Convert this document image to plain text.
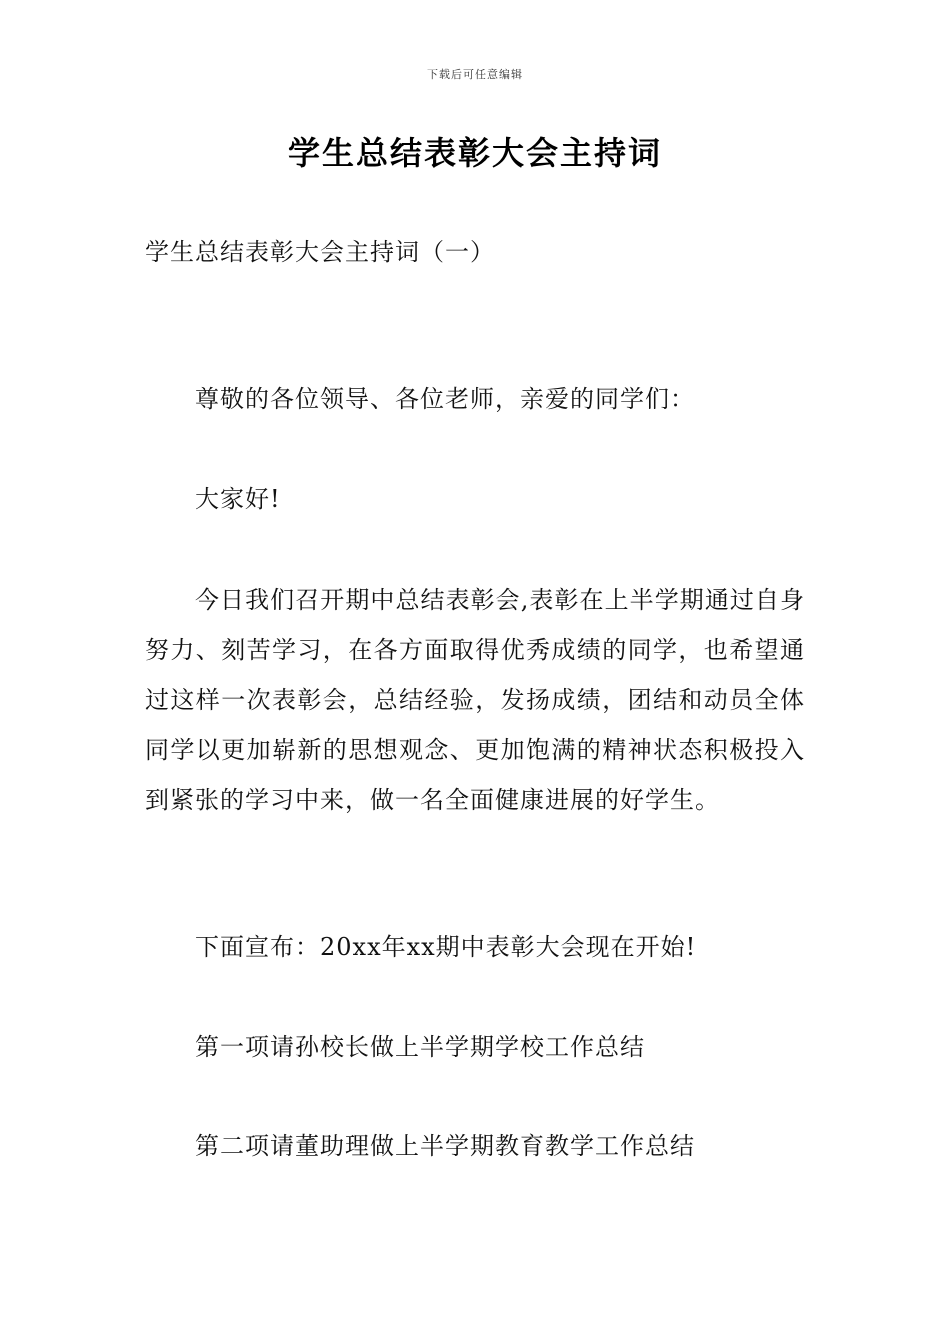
下载后可任意编辑
学生总结表彰大会主持词
学生总结表彰大会主持词（一）

尊敬的各位领导、各位老师，亲爱的同学们：

大家好!

今日我们召开期中总结表彰会,表彰在上半学期通过自身努力、刻苦学习，在各方面取得优秀成绩的同学，也希望通过这样一次表彰会，总结经验，发扬成绩，团结和动员全体同学以更加崭新的思想观念、更加饱满的精神状态积极投入到紧张的学习中来，做一名全面健康进展的好学生。

下面宣布：20xx年xx期中表彰大会现在开始!

第一项请孙校长做上半学期学校工作总结

第二项请董助理做上半学期教育教学工作总结
